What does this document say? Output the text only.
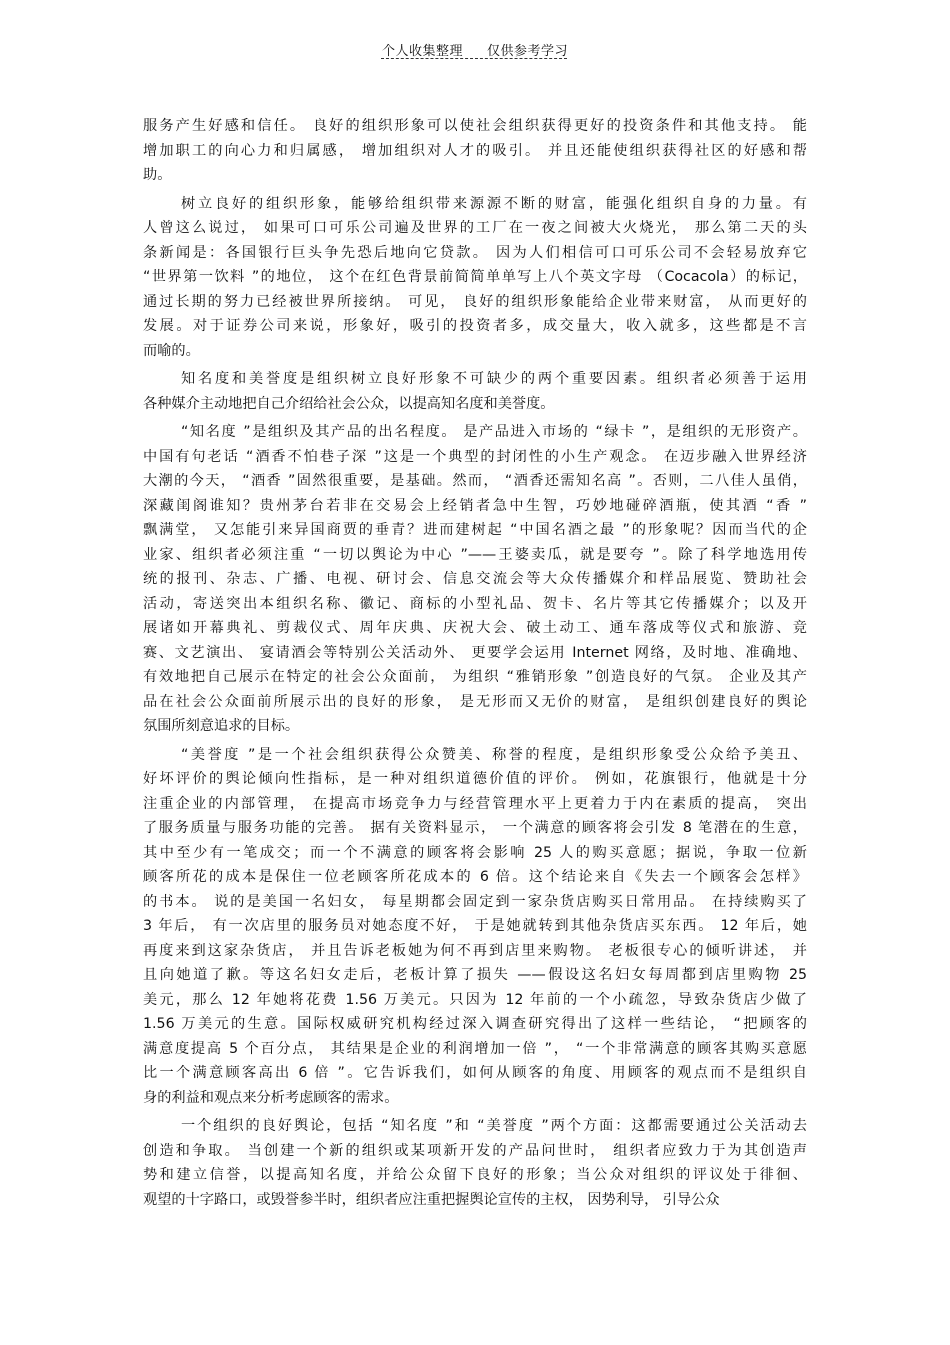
个人收集整理 仅供参考学习
服务产生好感和信任。 良好的组织形象可以使社会组织获得更好的投资条件和其他支持。 能
增加职工的向心力和归属感， 增加组织对人才的吸引。 并且还能使组织获得社区的好感和帮
助。
树立良好的组织形象，能够给组织带来源源不断的财富，能强化组织自身的力量。有
人曾这么说过， 如果可口可乐公司遍及世界的工厂在一夜之间被大火烧光， 那么第二天的头
条新闻是：各国银行巨头争先恐后地向它贷款。 因为人们相信可口可乐公司不会轻易放弃它
“世界第一饮料 ”的地位， 这个在红色背景前简简单单写上八个英文字母 （Cocacola）的标记，
通过长期的努力已经被世界所接纳。 可见， 良好的组织形象能给企业带来财富， 从而更好的
发展。对于证券公司来说，形象好，吸引的投资者多，成交量大，收入就多，这些都是不言
而喻的。
知名度和美誉度是组织树立良好形象不可缺少的两个重要因素。组织者必须善于运用
各种媒介主动地把自己介绍给社会公众，以提高知名度和美誉度。
“知名度 ”是组织及其产品的出名程度。 是产品进入市场的 “绿卡 ”，是组织的无形资产。
中国有句老话 “酒香不怕巷子深 ”这是一个典型的封闭性的小生产观念。 在迈步融入世界经济
大潮的今天， “酒香 ”固然很重要，是基础。然而， “酒香还需知名高 ”。否则，二八佳人虽俏，
深藏闺阁谁知？贵州茅台若非在交易会上经销者急中生智，巧妙地碰碎酒瓶，使其酒 “香 ”
飘满堂， 又怎能引来异国商贾的垂青？进而建树起 “中国名酒之最 ”的形象呢？因而当代的企
业家、组织者必须注重 “一切以舆论为中心 ”——王婆卖瓜，就是要夸 ”。除了科学地选用传
统的报刊、杂志、广播、电视、研讨会、信息交流会等大众传播媒介和样品展览、赞助社会
活动，寄送突出本组织名称、徽记、商标的小型礼品、贺卡、名片等其它传播媒介；以及开
展诸如开幕典礼、剪裁仪式、周年庆典、庆祝大会、破土动工、通车落成等仪式和旅游、竞
赛、文艺演出、 宴请酒会等特别公关活动外、 更要学会运用 Internet 网络，及时地、准确地、
有效地把自己展示在特定的社会公众面前， 为组织 “雅销形象 ”创造良好的气氛。 企业及其产
品在社会公众面前所展示出的良好的形象， 是无形而又无价的财富， 是组织创建良好的舆论
氛围所刻意追求的目标。
“美誉度 ”是一个社会组织获得公众赞美、称誉的程度，是组织形象受公众给予美丑、
好坏评价的舆论倾向性指标，是一种对组织道德价值的评价。 例如，花旗银行，他就是十分
注重企业的内部管理， 在提高市场竞争力与经营管理水平上更着力于内在素质的提高， 突出
了服务质量与服务功能的完善。 据有关资料显示， 一个满意的顾客将会引发 8 笔潜在的生意，
其中至少有一笔成交；而一个不满意的顾客将会影响 25 人的购买意愿；据说，争取一位新
顾客所花的成本是保住一位老顾客所花成本的 6 倍。这个结论来自《失去一个顾客会怎样》
的书本。 说的是美国一名妇女， 每星期都会固定到一家杂货店购买日常用品。 在持续购买了
3 年后， 有一次店里的服务员对她态度不好， 于是她就转到其他杂货店买东西。 12 年后，她
再度来到这家杂货店， 并且告诉老板她为何不再到店里来购物。 老板很专心的倾听讲述， 并
且向她道了歉。等这名妇女走后，老板计算了损失 ——假设这名妇女每周都到店里购物 25
美元，那么 12 年她将花费 1.56 万美元。只因为 12 年前的一个小疏忽，导致杂货店少做了
1.56 万美元的生意。国际权威研究机构经过深入调查研究得出了这样一些结论， “把顾客的
满意度提高 5 个百分点， 其结果是企业的利润增加一倍 ”， “一个非常满意的顾客其购买意愿
比一个满意顾客高出 6 倍 ”。它告诉我们，如何从顾客的角度、用顾客的观点而不是组织自
身的利益和观点来分析考虑顾客的需求。
一个组织的良好舆论，包括 “知名度 ”和 “美誉度 ”两个方面：这都需要通过公关活动去
创造和争取。 当创建一个新的组织或某项新开发的产品问世时， 组织者应致力于为其创造声
势和建立信誉，以提高知名度，并给公众留下良好的形象；当公众对组织的评议处于徘徊、
观望的十字路口，或毁誉参半时，组织者应注重把握舆论宣传的主权， 因势利导， 引导公众
